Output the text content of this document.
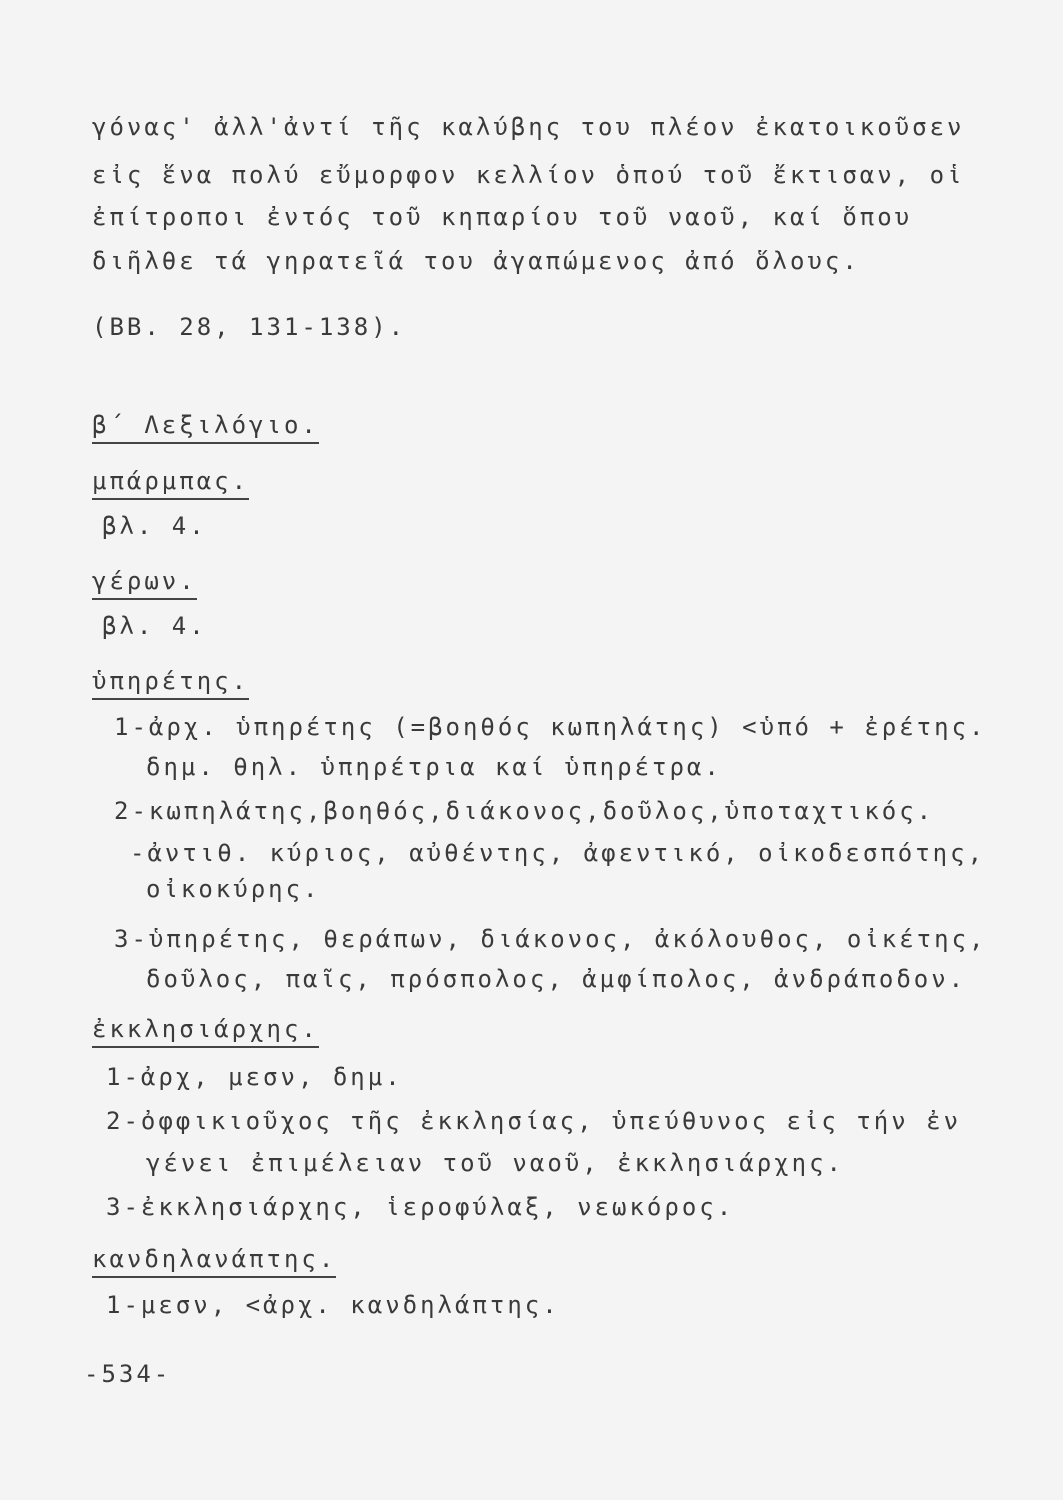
γόνας' ἀλλ'ἀντί τῆς καλύβης του πλέον ἐκατοικοῦσεν
εἰς ἕνα πολύ εὔμορφον κελλίον ὁπού τοῦ ἔκτισαν, οἱ
ἐπίτροποι ἐντός τοῦ κηπαρίου τοῦ ναοῦ, καί ὅπου
διῆλθε τά γηρατεῖά του ἀγαπώμενος ἀπό ὅλους.
(ΒΒ. 28, 131-138).
β΄ Λεξιλόγιο.
μπάρμπας.
βλ. 4.
γέρων.
βλ. 4.
ὑπηρέτης.
1-ἀρχ. ὑπηρέτης (=βοηθός κωπηλάτης) <ὑπό + ἐρέτης.
δημ. θηλ. ὑπηρέτρια καί ὑπηρέτρα.
2-κωπηλάτης,βοηθός,διάκονος,δοῦλος,ὑποταχτικός.
-ἀντιθ. κύριος, αὐθέντης, ἀφεντικό, οἰκοδεσπότης,
οἰκοκύρης.
3-ὑπηρέτης, θεράπων, διάκονος, ἀκόλουθος, οἰκέτης,
δοῦλος, παῖς, πρόσπολος, ἀμφίπολος, ἀνδράποδον.
ἐκκλησιάρχης.
1-ἀρχ, μεσν, δημ.
2-ὀφφικιοῦχος τῆς ἐκκλησίας, ὑπεύθυνος εἰς τήν ἐν
γένει ἐπιμέλειαν τοῦ ναοῦ, ἐκκλησιάρχης.
3-ἐκκλησιάρχης, ἱεροφύλαξ, νεωκόρος.
κανδηλανάπτης.
1-μεσν, <ἀρχ. κανδηλάπτης.
-534-
